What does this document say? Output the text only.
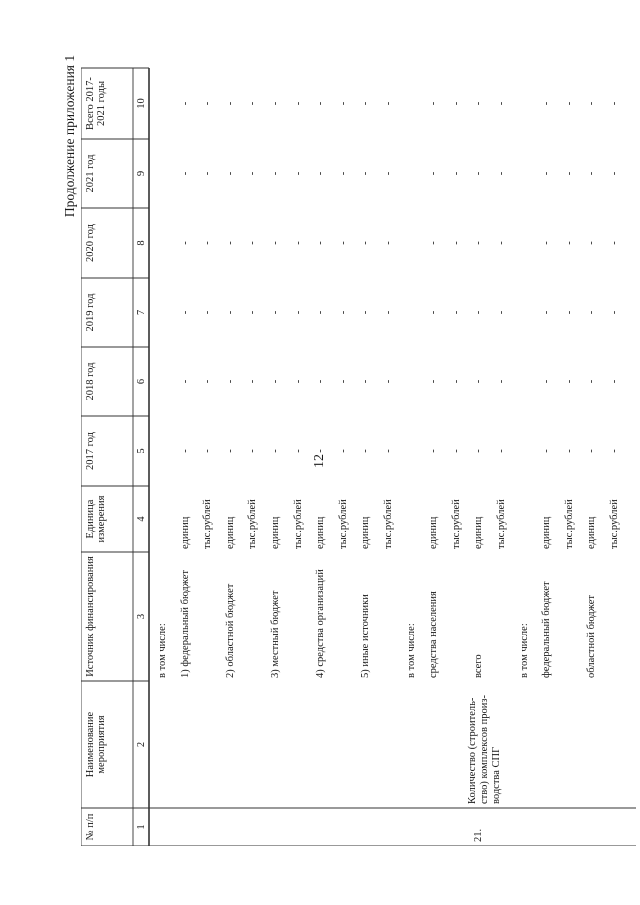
12
Продолжение приложения 1
№ п/п
Наименование мероприятия
Источник финансирования
Единица измерения
2017 год
2018 год
2019 год
2020 год
2021 год
Всего 2017-2021 годы
1
2
3
4
5
6
7
8
9
10
в том числе: 1) федеральный бюджет
единиц
-
-
-
-
-
-
тыс.рублей
-
-
-
-
-
-
2) областной бюджет
единиц
-
-
-
-
-
-
тыс.рублей
-
-
-
-
-
-
3) местный бюджет
единиц
-
-
-
-
-
-
тыс.рублей
-
-
-
-
-
-
4) средства организаций
единиц
-
-
-
-
-
-
тыс.рублей
-
-
-
-
-
-
5) иные источники
единиц
-
-
-
-
-
-
тыс.рублей
-
-
-
-
-
-
в том числе: средства населения
единиц
-
-
-
-
-
-
тыс.рублей
-
-
-
-
-
-
21.
Количество (строитель- ство) комплексов произ- водства СПГ
всего
единиц
-
-
-
-
-
-
тыс.рублей
-
-
-
-
-
-
в том числе: федеральный бюджет
единиц
-
-
-
-
-
-
тыс.рублей
-
-
-
-
-
-
областной бюджет
единиц
-
-
-
-
-
-
тыс.рублей
-
-
-
-
-
-
